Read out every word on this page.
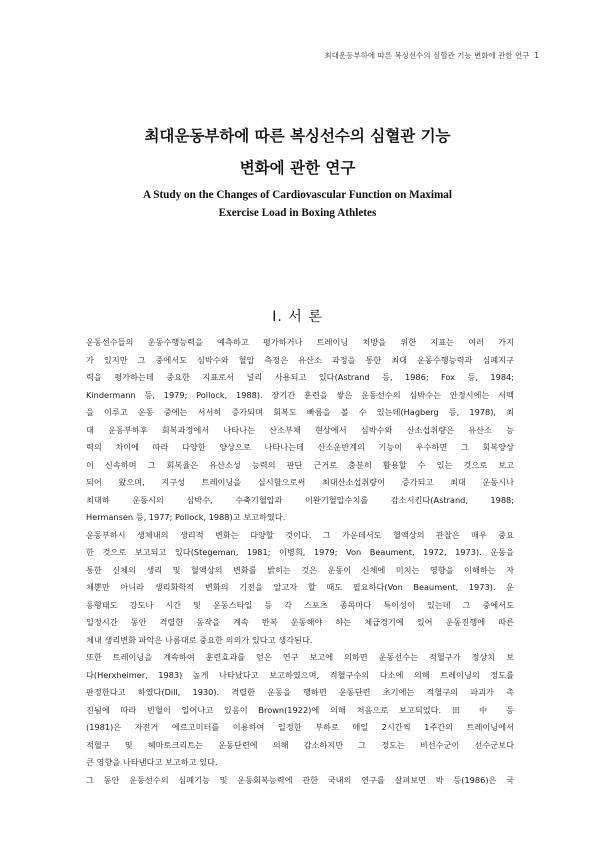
최대운동부하에 따른 복싱선수의 심혈관 기능 변화에 관한 연구 1
최대운동부하에 따른 복싱선수의 심혈관 기능
변화에 관한 연구
A Study on the Changes of Cardiovascular Function on Maximal
Exercise Load in Boxing Athletes
Ⅰ. 서 론
운동선수들의 운동수행능력을 예측하고 평가하거나 트레이닝 처방을 위한 지표는 여러 가지
가 있지만 그 중에서도 심박수와 혈압 측정은 유산소 과정을 통한 최대 운동수행능력과 심폐지구
력을 평가하는데 중요한 지표로서 널리 사용되고 있다(Astrand 등, 1986; Fox 등, 1984;
Kindermann 등, 1979; Pollock, 1988). 장기간 훈련을 쌓은 운동선수의 심박수는 안정시에는 서맥
을 이루고 운동 중에는 서서히 증가되며 회복도 빠름을 볼 수 있는데(Hagberg 등, 1978), 최
대 운동부하후 회복과정에서 나타나는 산소부채 현상에서 심박수와 산소섭취량은 유산소 능
력의 차이에 따라 다양한 양상으로 나타나는데 산소운반계의 기능이 우수하면 그 회복양상
이 신속하며 그 회복율은 유산소성 능력의 판단 근거로 충분히 활용할 수 있는 것으로 보고
되어 왔으며, 지구성 트레이닝을 실시함으로써 최대산소섭취량이 증가되고 최대 운동시나
최대하 운동시의 심박수, 수축기혈압과 이완기혈압수치를 감소시킨다(Astrand, 1988;
Hermansen 등, 1977; Pollock, 1988)고 보고하였다.
운동부하시 생체내의 생리적 변화는 다양할 것이다. 그 가운데서도 혈액상의 관찰은 매우 중요
한 것으로 보고되고 있다(Stegeman, 1981; 이병희, 1979; Von Beaument, 1972, 1973). 운동을
통한 신체의 생리 및 혈액상의 변화를 밝히는 것은 운동이 신체에 미치는 영향을 이해하는 자
체뿐만 아니라 생리화학적 변화의 기전을 알고자 할 때도 필요하다(Von Beaument, 1973). 운
동형태도 강도나 시간 및 운동스타일 등 각 스포츠 종목마다 특이성이 있는데 그 중에서도
일정시간 동안 격렬한 동작을 계속 반복 운동해야 하는 체급경기에 있어 운동진행에 따른
체내 생리변화 파악은 나름대로 중요한 의의가 있다고 생각된다.
또한 트레이닝을 계속하여 훈련효과를 얻은 연구 보고에 의하면 운동선수는 적혈구가 정상치 보
다(Herxheimer, 1983) 높게 나타났다고 보고하였으며, 적혈구수의 다소에 의해 트레이닝의 정도를
판정한다고 하였다(Dill, 1930). 격렬한 운동을 행하면 운동단련 초기에는 적혈구의 파괴가 촉
진됨에 따라 빈혈이 일어나고 있음이 Brown(1922)에 의해 처음으로 보고되었다. 田 中 등
(1981)은 자전거 에르고미터를 이용하여 일정한 부하로 매일 2시간씩 1주간의 트레이닝에서
적혈구 및 헤마토크리트는 운동단련에 의해 감소하지만 그 정도는 비선수군이 선수군보다
큰 영향을 나타낸다고 보고하고 있다.
그 동안 운동선수의 심폐기능 및 운동회복능력에 관한 국내의 연구를 살펴보면 박 등(1986)은 국
